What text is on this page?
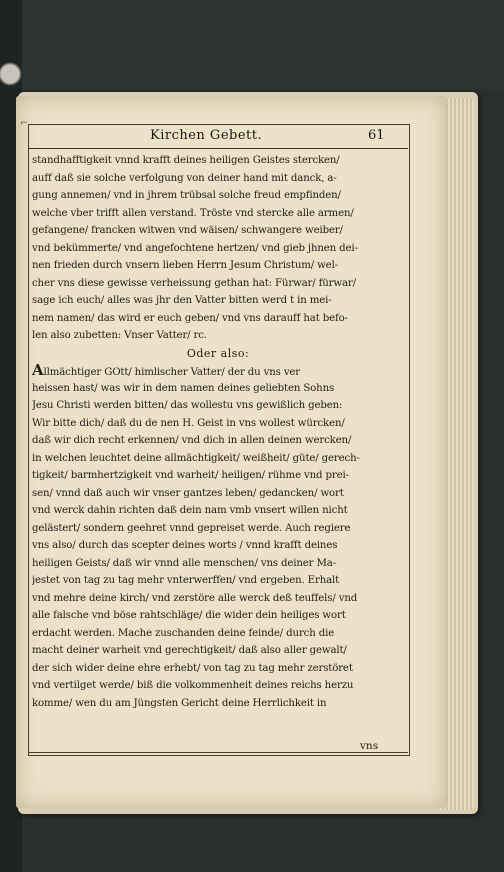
⌐
Kirchen Gebett.	61
standhafftigkeit vnnd krafft deines heiligen Geistes stercken/
auff daß sie solche verfolgung von deiner hand mit danck, a-
gung annemen/ vnd in jhrem trübsal solche freud empfinden/
welche vber trifft allen verstand. Tröste vnd stercke alle armen/
gefangene/ francken witwen vnd wäisen/ schwangere weiber/
vnd bekümmerte/ vnd angefochtene hertzen/ vnd gieb jhnen dei-
nen frieden durch vnsern lieben Herrn Jesum Christum/ wel-
cher vns diese gewisse verheissung gethan hat: Fürwar/ fürwar/
sage ich euch/ alles was jhr den Vatter bitten werd t in mei-
nem namen/ das wird er euch geben/ vnd vns darauff hat befo-
len also zubetten: Vnser Vatter/ rc.
Oder also:
Allmächtiger GOtt/ himlischer Vatter/ der du vns ver
heissen hast/ was wir in dem namen deines geliebten Sohns
Jesu Christi werden bitten/ das wollestu vns gewißlich geben:
Wir bitte dich/ daß du de nen H. Geist in vns wollest würcken/
daß wir dich recht erkennen/ vnd dich in allen deinen wercken/
in welchen leuchtet deine allmächtigkeit/ weißheit/ güte/ gerech-
tigkeit/ barmhertzigkeit vnd warheit/ heiligen/ rühme vnd prei-
sen/ vnnd daß auch wir vnser gantzes leben/ gedancken/ wort
vnd werck dahin richten daß dein nam vmb vnsert willen nicht
gelästert/ sondern geehret vnnd gepreiset werde. Auch regiere
vns also/ durch das scepter deines worts / vnnd krafft deines
heiligen Geists/ daß wir vnnd alle menschen/ vns deiner Ma-
jestet von tag zu tag mehr vnterwerffen/ vnd ergeben. Erhalt
vnd mehre deine kirch/ vnd zerstöre alle werck deß teuffels/ vnd
alle falsche vnd böse rahtschläge/ die wider dein heiliges wort
erdacht werden. Mache zuschanden deine feinde/ durch die
macht deiner warheit vnd gerechtigkeit/ daß also aller gewalt/
der sich wider deine ehre erhebt/ von tag zu tag mehr zerstöret
vnd vertilget werde/ biß die volkommenheit deines reichs herzu
komme/ wen du am Jüngsten Gericht deine Herrlichkeit in
vns
